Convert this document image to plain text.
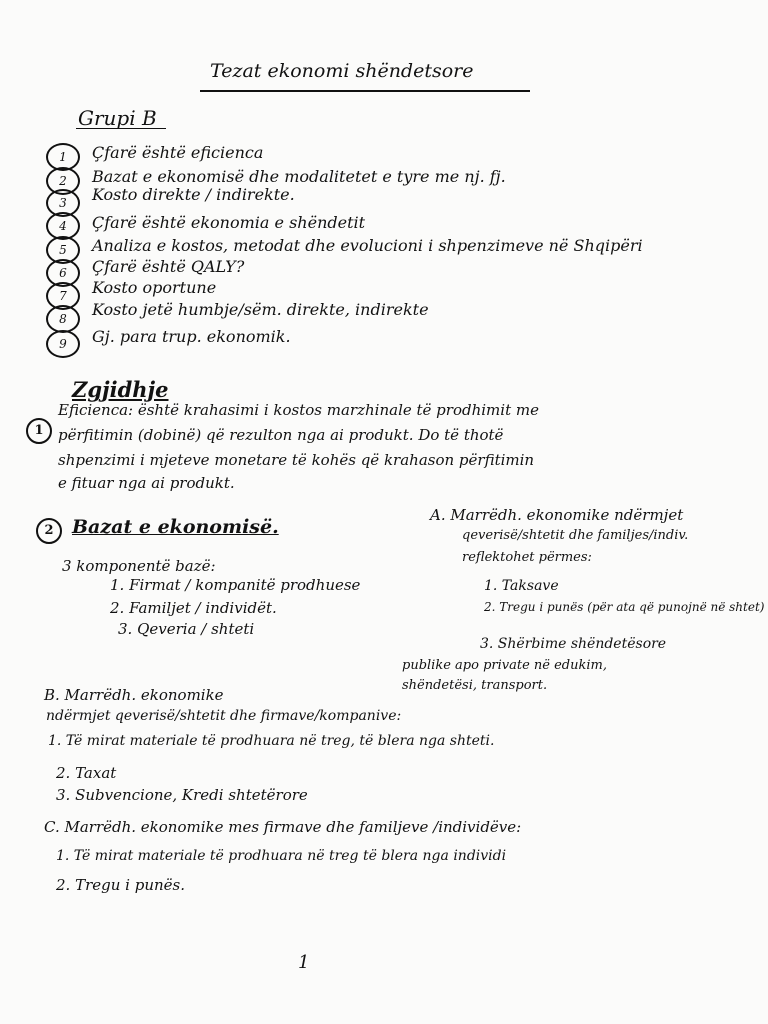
Tezat ekonomi shëndetsore
Grupi B
1	Çfarë është eficienca
2	Bazat e ekonomisë dhe modalitetet e tyre me nj. fj.
3	Kosto direkte / indirekte.
4	Çfarë është ekonomia e shëndetit
5	Analiza e kostos, metodat dhe evolucioni i shpenzimeve në Shqipëri
6	Çfarë është QALY?
7	Kosto oportune
8	Kosto jetë humbje/sëm. direkte, indirekte
9	Gj. para trup. ekonomik.
Zgjidhje
1
Eficienca: është krahasimi i kostos marzhinale të prodhimit me
përfitimin (dobinë) që rezulton nga ai produkt. Do të thotë
shpenzimi i mjeteve monetare të kohës që krahason përfitimin
e fituar nga ai produkt.
2 Bazat e ekonomisë.
3 komponentë bazë:
1. Firmat / kompanitë prodhuese
2. Familjet / individët.
3. Qeveria / shteti
A. Marrëdh. ekonomike ndërmjet
qeverisë/shtetit dhe familjes/indiv.
reflektohet përmes:
1. Taksave
2. Tregu i punës (për ata që punojnë në shtet)
3. Shërbime shëndetësore
publike apo private në edukim,
shëndetësi, transport.
B. Marrëdh. ekonomike
ndërmjet qeverisë/shtetit dhe firmave/kompanive:
1. Të mirat materiale të prodhuara në treg, të blera nga shteti.
2. Taxat
3. Subvencione, Kredi shtetërore
C. Marrëdh. ekonomike mes firmave dhe familjeve /individëve:
1. Të mirat materiale të prodhuara në treg të blera nga individi
2. Tregu i punës.
1
